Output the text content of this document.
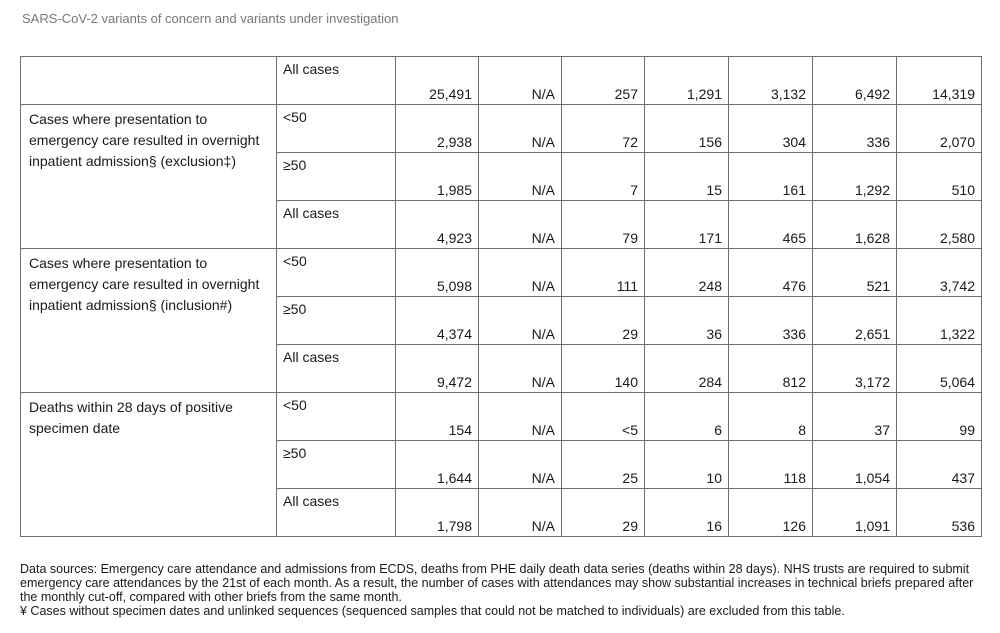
SARS-CoV-2 variants of concern and variants under investigation
	All cases	25,491	N/A	257	1,291	3,132	6,492	14,319
Cases where presentation to emergency care resulted in overnight inpatient admission§ (exclusion‡)	<50	2,938	N/A	72	156	304	336	2,070
	≥50	1,985	N/A	7	15	161	1,292	510
	All cases	4,923	N/A	79	171	465	1,628	2,580
Cases where presentation to emergency care resulted in overnight inpatient admission§ (inclusion#)	<50	5,098	N/A	111	248	476	521	3,742
	≥50	4,374	N/A	29	36	336	2,651	1,322
	All cases	9,472	N/A	140	284	812	3,172	5,064
Deaths within 28 days of positive specimen date	<50	154	N/A	<5	6	8	37	99
	≥50	1,644	N/A	25	10	118	1,054	437
	All cases	1,798	N/A	29	16	126	1,091	536

Data sources: Emergency care attendance and admissions from ECDS, deaths from PHE daily death data series (deaths within 28 days). NHS trusts are required to submit emergency care attendances by the 21st of each month. As a result, the number of cases with attendances may show substantial increases in technical briefs prepared after the monthly cut-off, compared with other briefs from the same month.

¥ Cases without specimen dates and unlinked sequences (sequenced samples that could not be matched to individuals) are excluded from this table.
